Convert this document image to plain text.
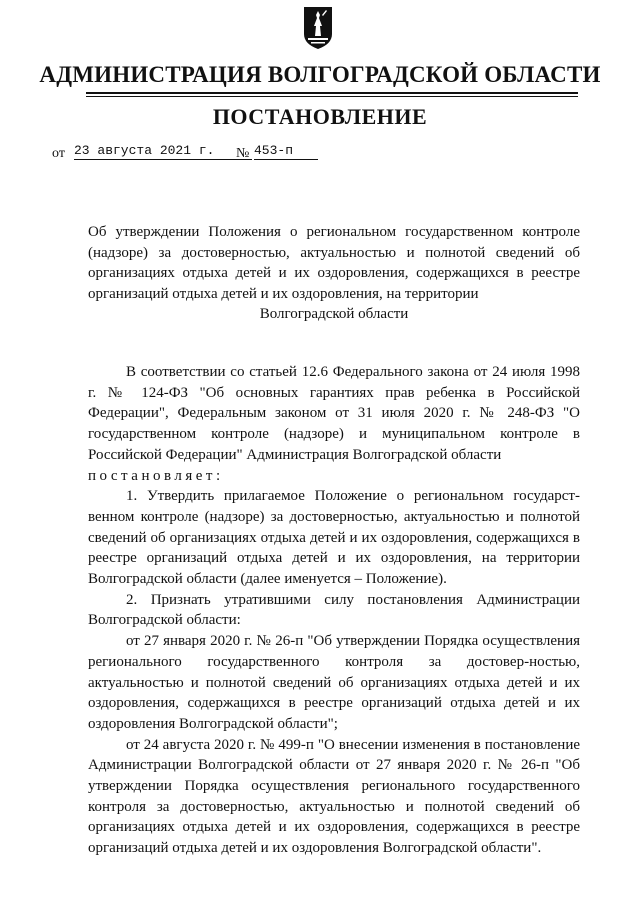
АДМИНИСТРАЦИЯ ВОЛГОГРАДСКОЙ ОБЛАСТИ
ПОСТАНОВЛЕНИЕ
от 23 августа 2021 г.	№ 453-п
Об утверждении Положения о региональном государственном контроле (надзоре) за достоверностью, актуальностью и полнотой сведений об организациях отдыха детей и их оздоровления, содержащихся в реестре организаций отдыха детей и их оздоровления, на территории
Волгоградской области

В соответствии со статьей 12.6 Федерального закона от 24 июля 1998 г. № 124-ФЗ "Об основных гарантиях прав ребенка в Российской Федерации", Федеральным законом от 31 июля 2020 г. № 248-ФЗ "О государственном контроле (надзоре) и муниципальном контроле в Российской Федерации" Администрация Волгоградской области

постановляет:

1. Утвердить прилагаемое Положение о региональном государст-венном контроле (надзоре) за достоверностью, актуальностью и полнотой сведений об организациях отдыха детей и их оздоровления, содержащихся в реестре организаций отдыха детей и их оздоровления, на территории Волгоградской области (далее именуется – Положение).

2. Признать утратившими силу постановления Администрации Волгоградской области:

от 27 января 2020 г. № 26-п "Об утверждении Порядка осуществления регионального государственного контроля за достовер-ностью, актуальностью и полнотой сведений об организациях отдыха детей и их оздоровления, содержащихся в реестре организаций отдыха детей и их оздоровления Волгоградской области";

от 24 августа 2020 г. № 499-п "О внесении изменения в постановление Администрации Волгоградской области от 27 января 2020 г. № 26-п "Об утверждении Порядка осуществления регионального государственного контроля за достоверностью, актуальностью и полнотой сведений об организациях отдыха детей и их оздоровления, содержащихся в реестре организаций отдыха детей и их оздоровления Волгоградской области".
